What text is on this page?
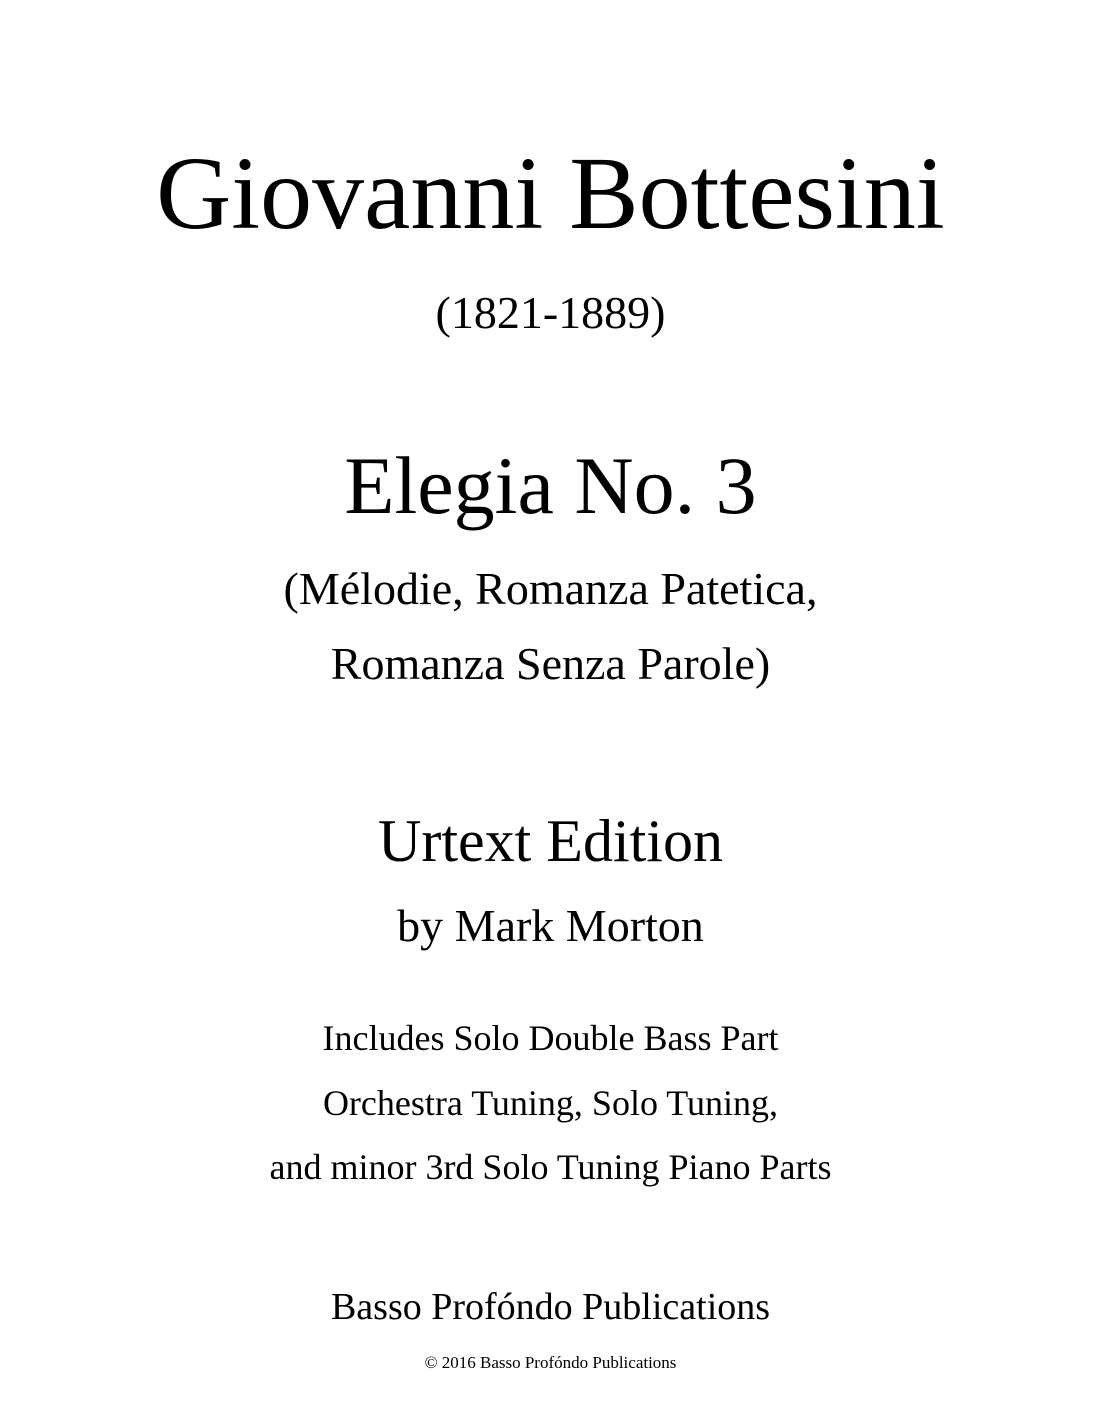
Giovanni Bottesini
(1821-1889)
Elegia No. 3
(Mélodie, Romanza Patetica,
Romanza Senza Parole)
Urtext Edition
by Mark Morton
Includes Solo Double Bass Part
Orchestra Tuning, Solo Tuning,
and minor 3rd Solo Tuning Piano Parts
Basso Profóndo Publications
© 2016 Basso Profóndo Publications
